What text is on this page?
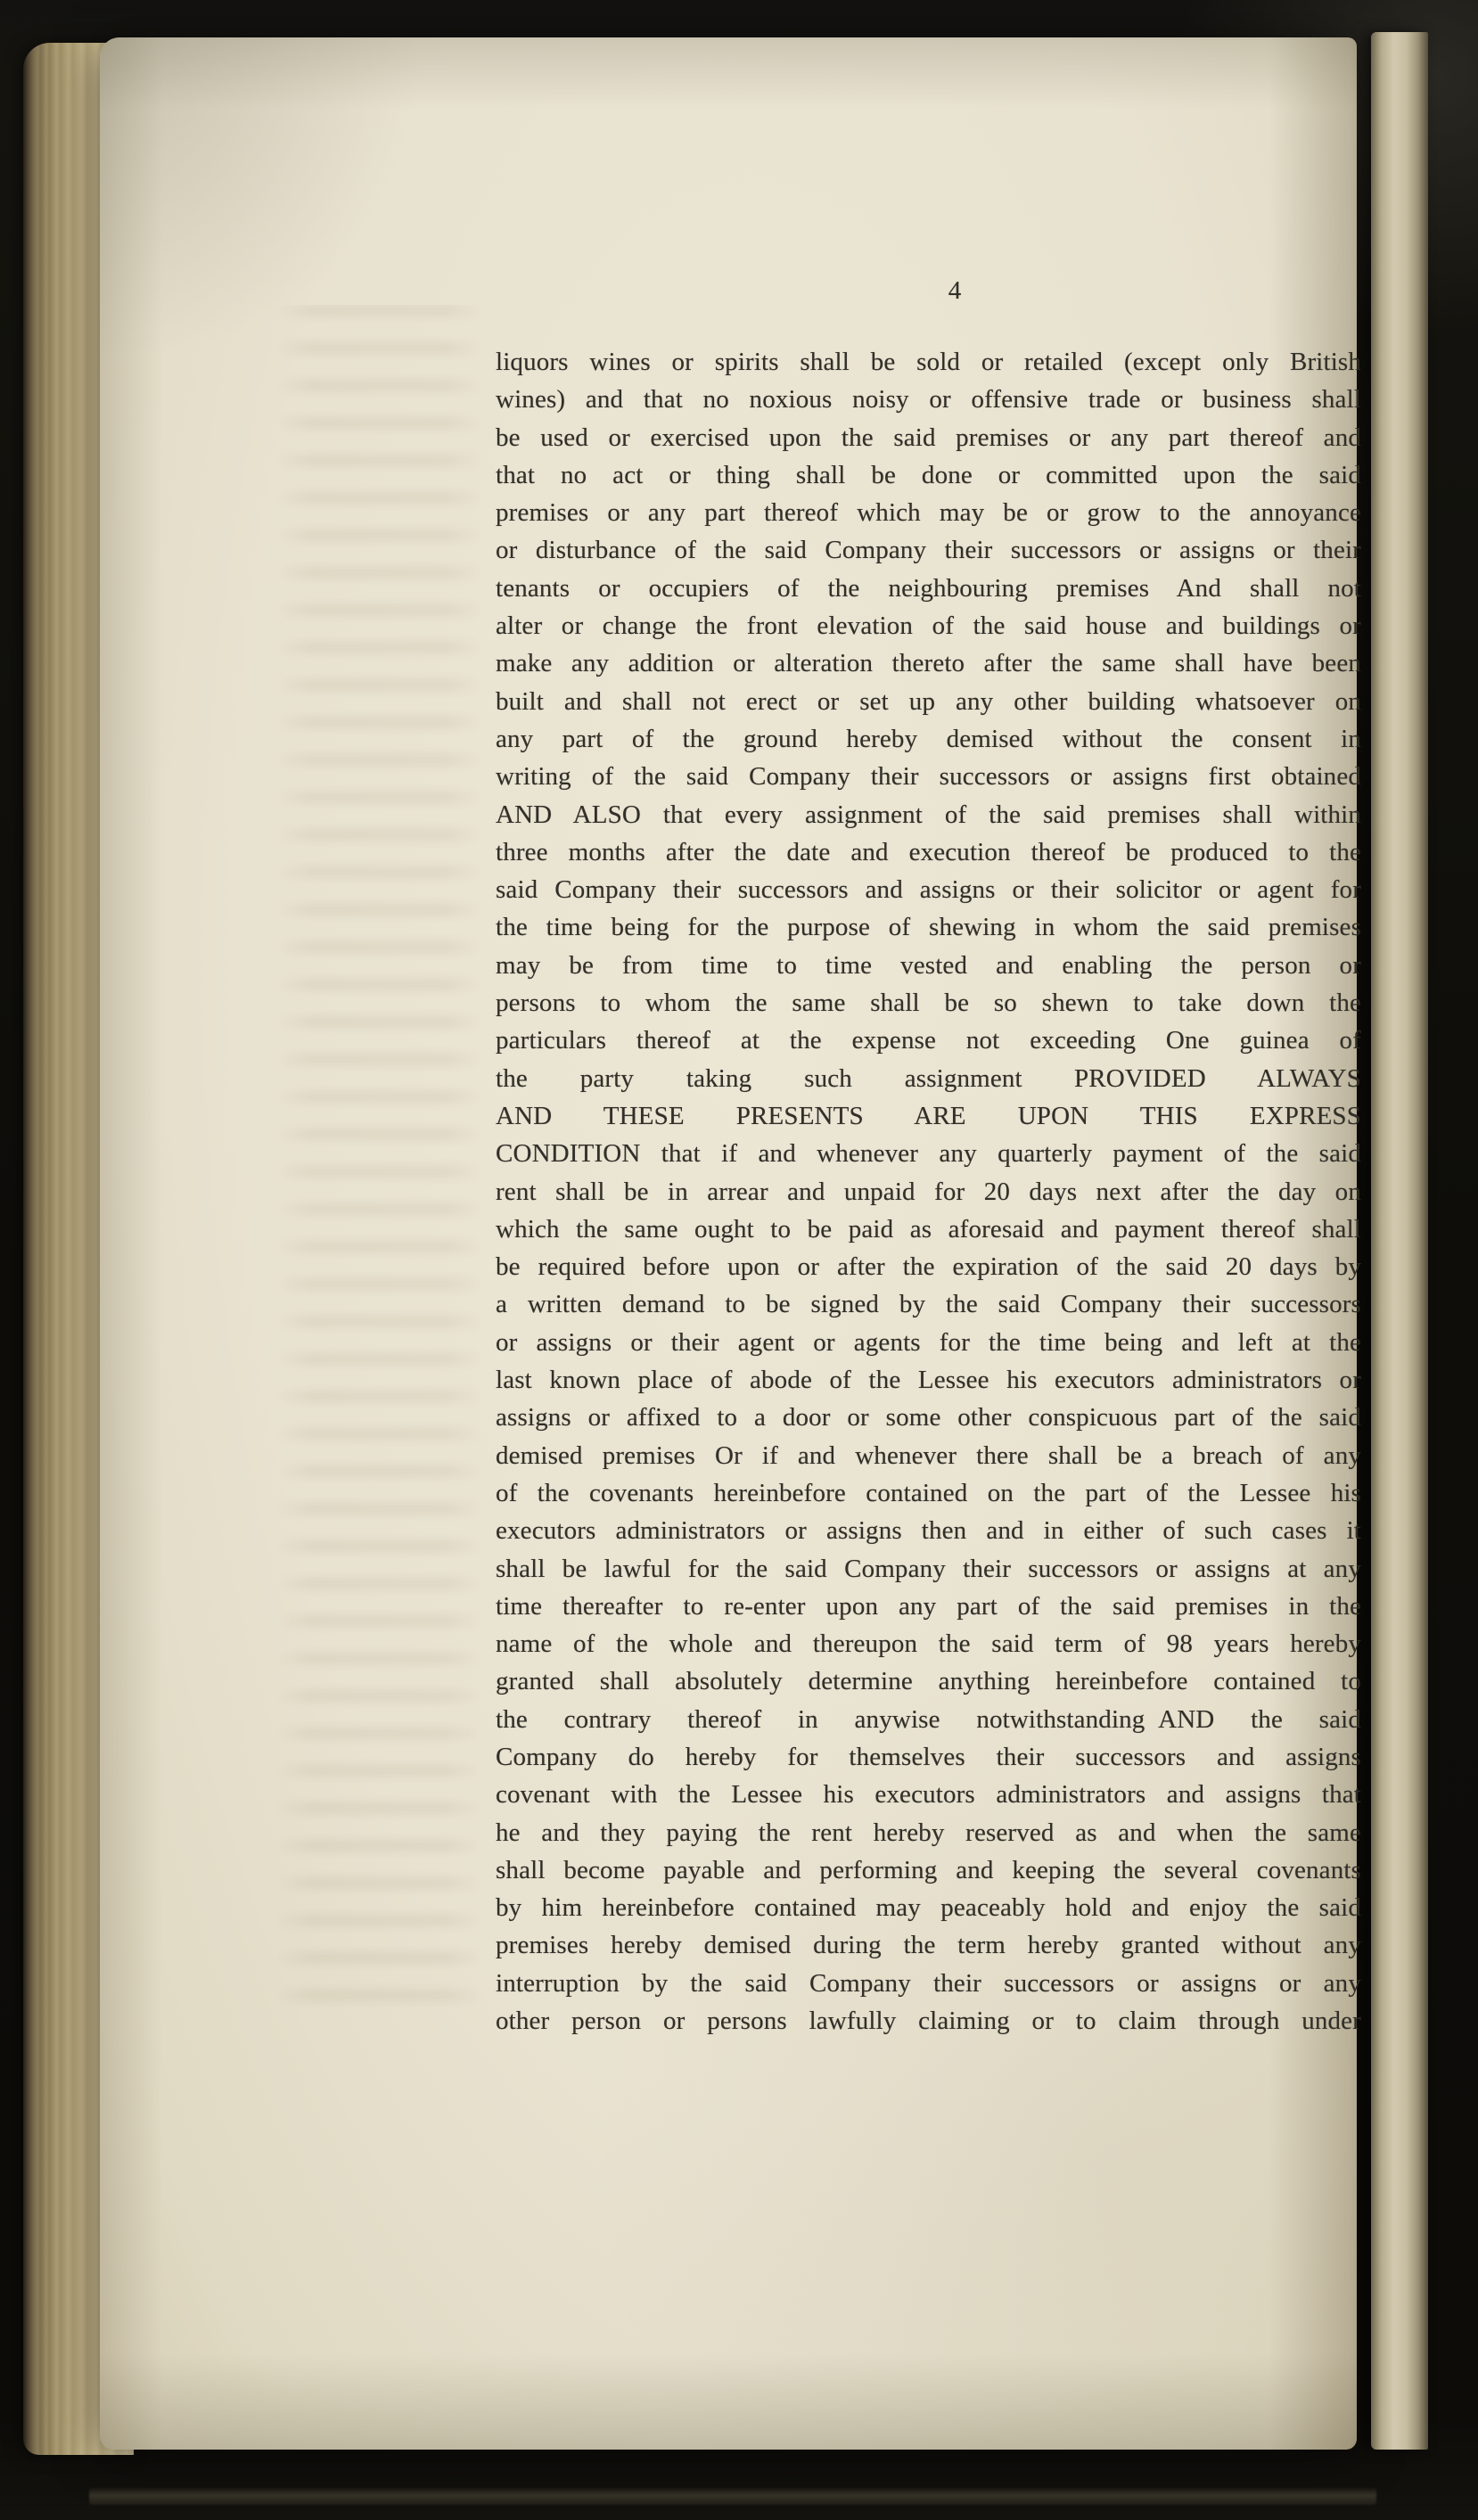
4
liquors wines or spirits shall be sold or retailed (except only British
wines) and that no noxious noisy or offensive trade or business shall
be used or exercised upon the said premises or any part thereof and
that no act or thing shall be done or committed upon the said
premises or any part thereof which may be or grow to the annoyance
or disturbance of the said Company their successors or assigns or their
tenants or occupiers of the neighbouring premises And shall not
alter or change the front elevation of the said house and buildings or
make any addition or alteration thereto after the same shall have been
built and shall not erect or set up any other building whatsoever on
any part of the ground hereby demised without the consent in
writing of the said Company their successors or assigns first obtained
AND ALSO that every assignment of the said premises shall within
three months after the date and execution thereof be produced to the
said Company their successors and assigns or their solicitor or agent for
the time being for the purpose of shewing in whom the said premises
may be from time to time vested and enabling the person or
persons to whom the same shall be so shewn to take down the
particulars thereof at the expense not exceeding One guinea of
the party taking such assignment  PROVIDED ALWAYS
AND THESE PRESENTS ARE UPON THIS EXPRESS
CONDITION that if and whenever any quarterly payment of the said
rent shall be in arrear and unpaid for 20 days next after the day on
which the same ought to be paid as aforesaid and payment thereof shall
be required before upon or after the expiration of the said 20 days by
a written demand to be signed by the said Company their successors
or assigns or their agent or agents for the time being and left at the
last known place of abode of the Lessee his executors administrators or
assigns or affixed to a door or some other conspicuous part of the said
demised premises Or if and whenever there shall be a breach of any
of the covenants hereinbefore contained on the part of the Lessee his
executors administrators or assigns then and in either of such cases it
shall be lawful for the said Company their successors or assigns at any
time thereafter to re-enter upon any part of the said premises in the
name of the whole and thereupon the said term of 98 years hereby
granted shall absolutely determine anything hereinbefore contained to
the contrary thereof in anywise notwithstanding AND the said
Company do hereby for themselves their successors and assigns
covenant with the Lessee his executors administrators and assigns that
he and they paying the rent hereby reserved as and when the same
shall become payable and performing and keeping the several covenants
by him hereinbefore contained may peaceably hold and enjoy the said
premises hereby demised during the term hereby granted without any
interruption by the said Company their successors or assigns or any
other person or persons lawfully claiming or to claim through under
